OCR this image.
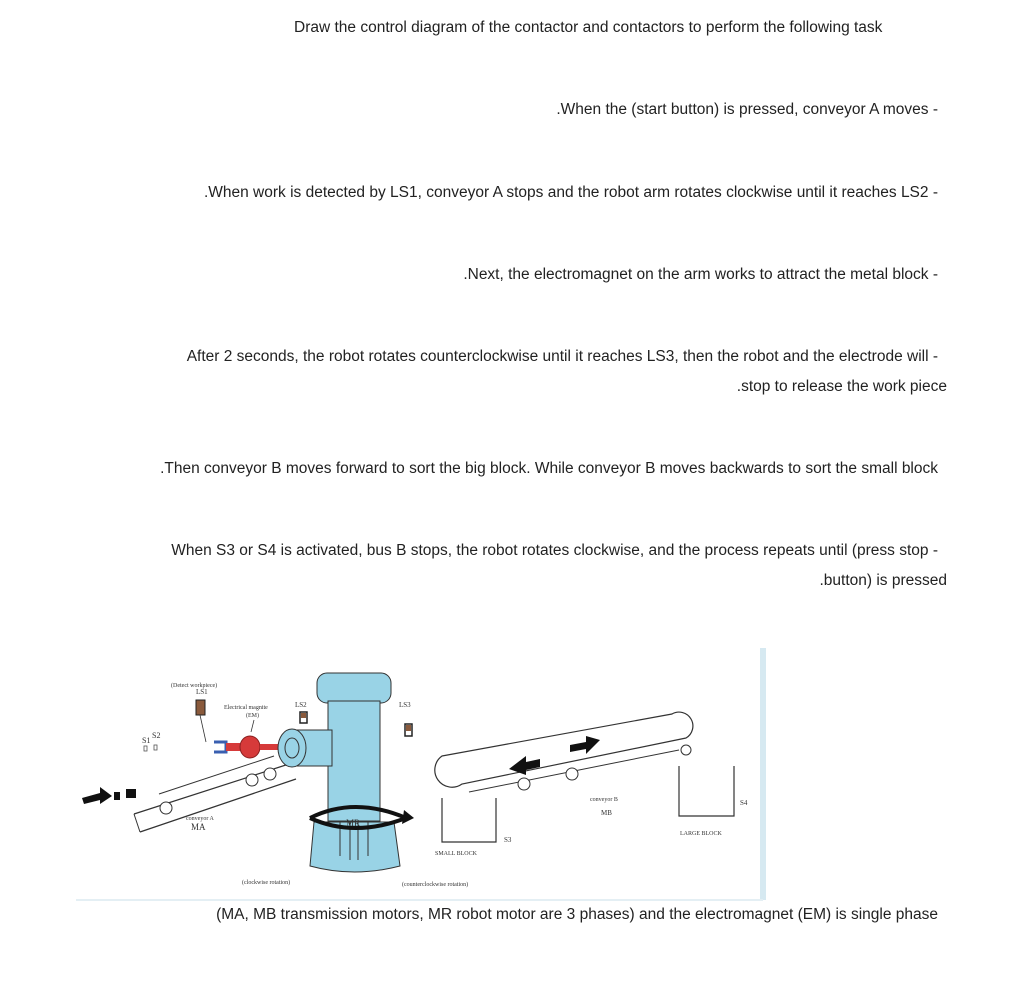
Draw the control diagram of the contactor and contactors to perform the following task
.When the (start button) is pressed, conveyor A moves -
.When work is detected by LS1, conveyor A stops and the robot arm rotates clockwise until it reaches LS2 -
.Next, the electromagnet on the arm works to attract the metal block -
After 2 seconds, the robot rotates counterclockwise until it reaches LS3, then the robot and the electrode will -
.stop to release the work piece
.Then conveyor B moves forward to sort the big block. While conveyor B moves backwards to sort the small block
When S3 or S4 is activated, bus B stops, the robot rotates clockwise, and the process repeats until (press stop -
.button) is pressed
S1
S2
conveyor A
MA
(Detect workpiece)
LS1
Electrical magnite
(EM)
LS2	LS3
MR
(clockwise rotation)	(counterclockwise rotation)
SMALL BLOCK
S3
conveyor B
MB
LARGE BLOCK
S4
(MA, MB transmission motors, MR robot motor are 3 phases) and the electromagnet (EM) is single phase
